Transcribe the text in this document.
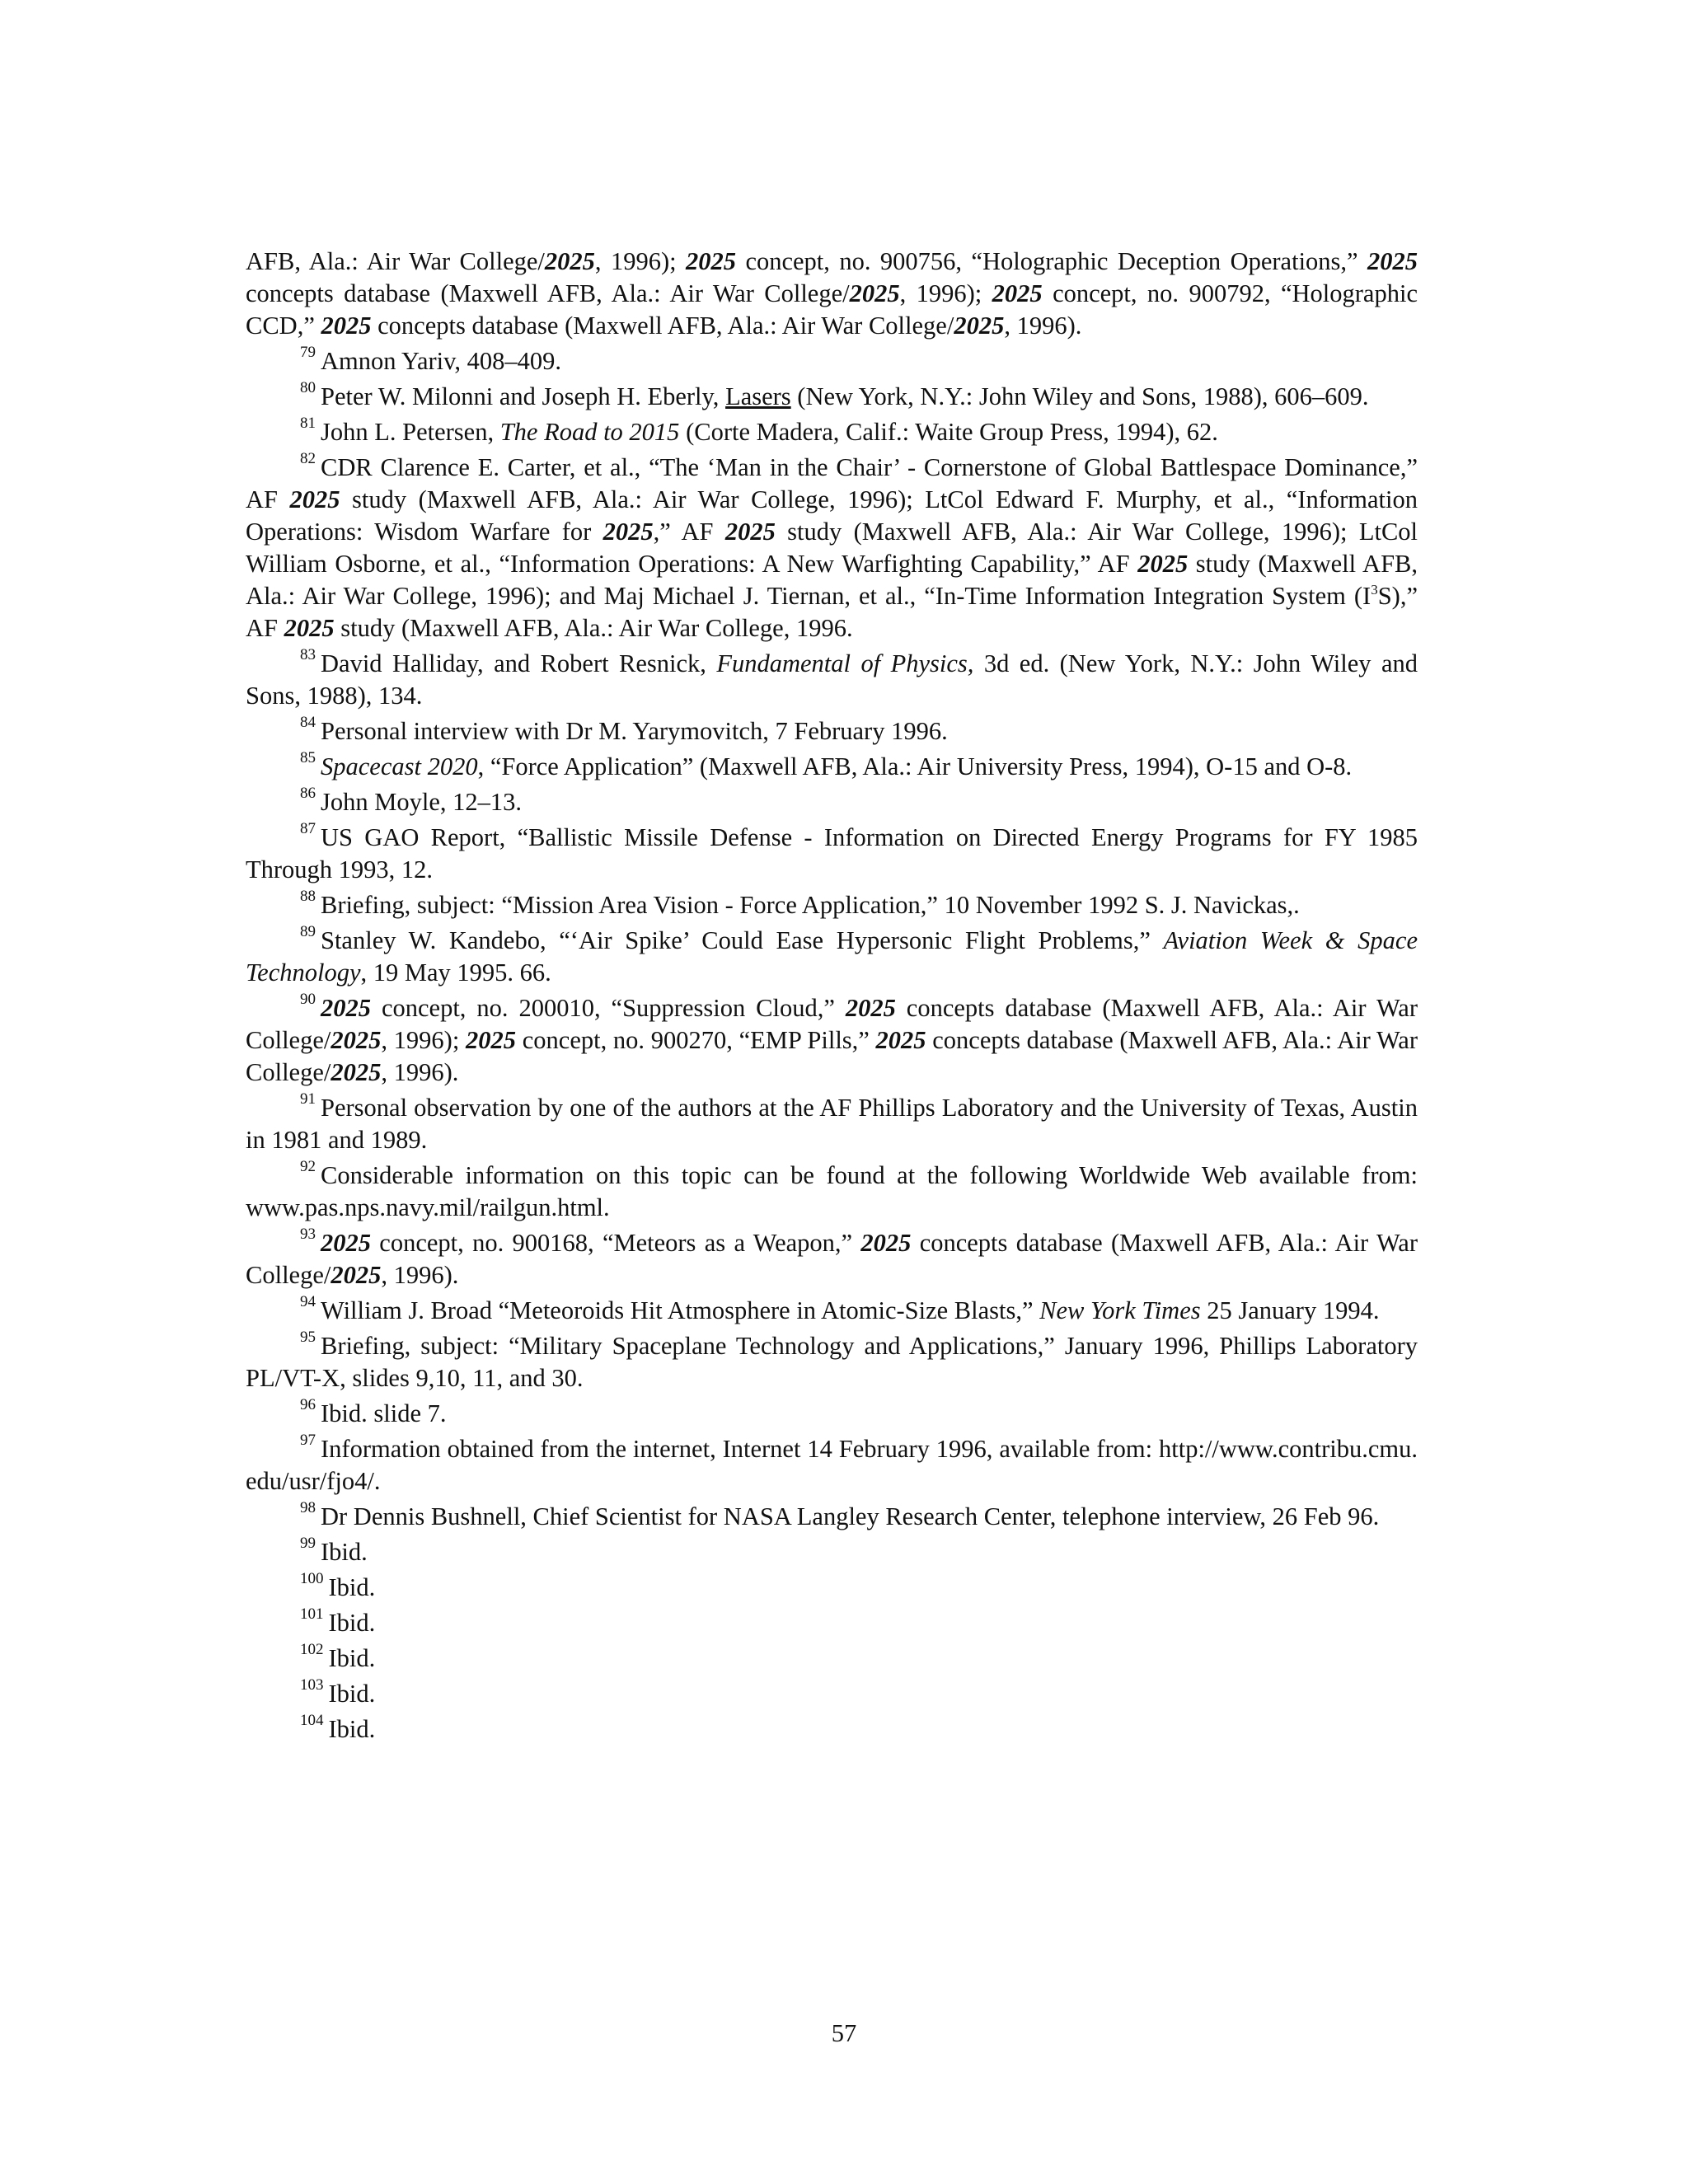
AFB, Ala.: Air War College/2025, 1996); 2025 concept, no. 900756, “Holographic Deception Operations,” 2025 concepts database (Maxwell AFB, Ala.: Air War College/2025, 1996); 2025 concept, no. 900792, “Holographic CCD,” 2025 concepts database (Maxwell AFB, Ala.: Air War College/2025, 1996).

$^{79}$ Amnon Yariv, 408–409.

$^{80}$ Peter W. Milonni and Joseph H. Eberly, Lasers (New York, N.Y.: John Wiley and Sons, 1988), 606–609.

$^{81}$ John L. Petersen, The Road to 2015 (Corte Madera, Calif.: Waite Group Press, 1994), 62.

$^{82}$ CDR Clarence E. Carter, et al., “The ‘Man in the Chair’ - Cornerstone of Global Battlespace Dominance,” AF 2025 study (Maxwell AFB, Ala.: Air War College, 1996); LtCol Edward F. Murphy, et al., “Information Operations: Wisdom Warfare for 2025,” AF 2025 study (Maxwell AFB, Ala.: Air War College, 1996); LtCol William Osborne, et al., “Information Operations: A New Warfighting Capability,” AF 2025 study (Maxwell AFB, Ala.: Air War College, 1996); and Maj Michael J. Tiernan, et al., “In-Time Information Integration System $(I^3S)$,” AF 2025 study (Maxwell AFB, Ala.: Air War College, 1996.

$^{83}$ David Halliday, and Robert Resnick, Fundamental of Physics, 3d ed. (New York, N.Y.: John Wiley and Sons, 1988), 134.

$^{84}$ Personal interview with Dr M. Yarymovitch, 7 February 1996.

$^{85}$ Spacecast 2020, “Force Application” (Maxwell AFB, Ala.: Air University Press, 1994), O-15 and O-8.

$^{86}$ John Moyle, 12–13.

$^{87}$ US GAO Report, “Ballistic Missile Defense - Information on Directed Energy Programs for FY 1985 Through 1993, 12.

$^{88}$ Briefing, subject: “Mission Area Vision - Force Application,” 10 November 1992 S. J. Navickas,.

$^{89}$ Stanley W. Kandebo, “‘Air Spike’ Could Ease Hypersonic Flight Problems,” Aviation Week & Space Technology, 19 May 1995. 66.

$^{90}$ 2025 concept, no. 200010, “Suppression Cloud,” 2025 concepts database (Maxwell AFB, Ala.: Air War College/2025, 1996); 2025 concept, no. 900270, “EMP Pills,” 2025 concepts database (Maxwell AFB, Ala.: Air War College/2025, 1996).

$^{91}$ Personal observation by one of the authors at the AF Phillips Laboratory and the University of Texas, Austin in 1981 and 1989.

$^{92}$ Considerable information on this topic can be found at the following Worldwide Web available from: www.pas.nps.navy.mil/railgun.html.

$^{93}$ 2025 concept, no. 900168, “Meteors as a Weapon,” 2025 concepts database (Maxwell AFB, Ala.: Air War College/2025, 1996).

$^{94}$ William J. Broad “Meteoroids Hit Atmosphere in Atomic-Size Blasts,” New York Times 25 January 1994.

$^{95}$ Briefing, subject: “Military Spaceplane Technology and Applications,” January 1996, Phillips Laboratory PL/VT-X, slides 9,10, 11, and 30.

$^{96}$ Ibid. slide 7.

$^{97}$ Information obtained from the internet, Internet 14 February 1996, available from: http://www.contribu.cmu. edu/usr/fjo4/.

$^{98}$ Dr Dennis Bushnell, Chief Scientist for NASA Langley Research Center, telephone interview, 26 Feb 96.

$^{99}$ Ibid.

$^{100}$ Ibid.

$^{101}$ Ibid.

$^{102}$ Ibid.

$^{103}$ Ibid.

$^{104}$ Ibid.

57
